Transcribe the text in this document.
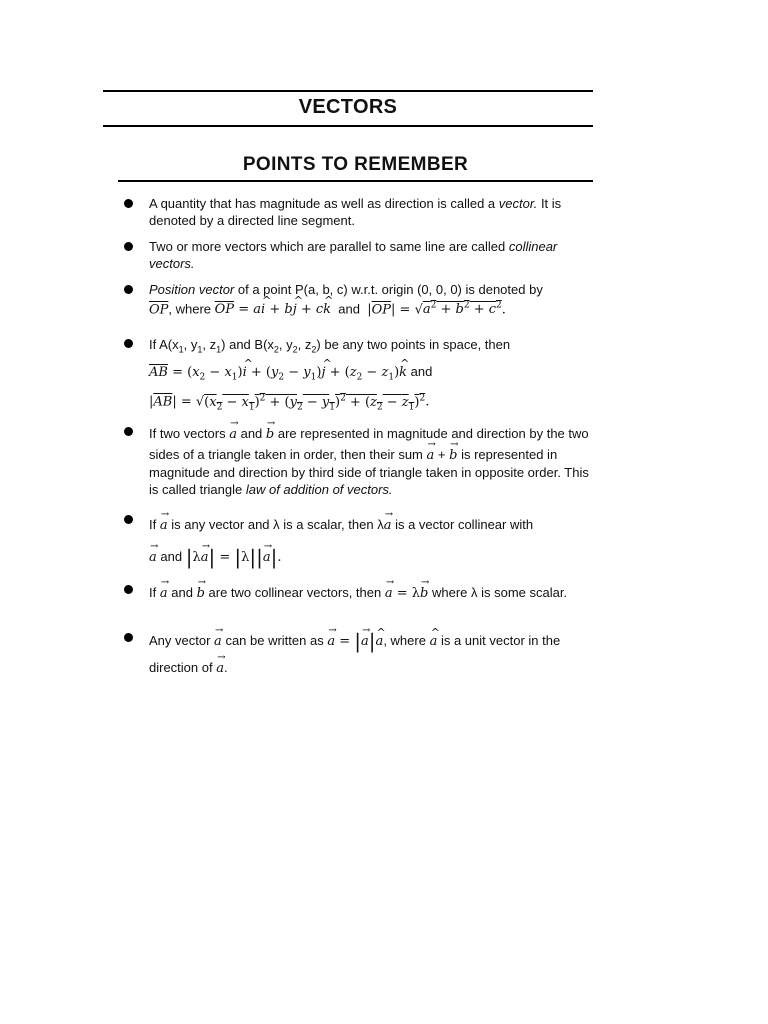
VECTORS
POINTS TO REMEMBER
A quantity that has magnitude as well as direction is called a vector. It is denoted by a directed line segment.
Two or more vectors which are parallel to same line are called collinear vectors.
Position vector of a point P(a, b, c) w.r.t. origin (0, 0, 0) is denoted by
$\overline{OP}$, where $\overline{OP}$ = a^ i + b^ j + c^ k and $|\overline{OP}| = √a^2 + b^2 + c^2$.
If $A(x_1$, $y_1$, $z_1$) and $B(x_2$, $y_2$, $z_2$) be any two points in space, then
$\overline{AB} = (x_2$ − $x_1)\^{}$ $i + (y_2$ − $y_1)\^{}$ $j + (z_2$ − $z_1)\^{}$ k and
$|\overline{AB}| = √(x_2 - x_1)^2 + (y_2 - y_1)^2 + (z_2 - z_1)^2$.
If two vectors → a and → b are represented in magnitude and direction by the two sides of a triangle taken in order, then their sum → a + → b is represented in magnitude and direction by third side of triangle taken in opposite order. This is called triangle law of addition of vectors.
If → a is any vector and λ is a scalar, then λ→ a is a vector collinear with
→ a and |λ→ a| = |λ||→ a|.
If → a and → b are two collinear vectors, then → a = λ→ b where λ is some scalar.
Any vector → a can be written as → a = |→ a|^ a, where ^ a is a unit vector in the direction of → a.
